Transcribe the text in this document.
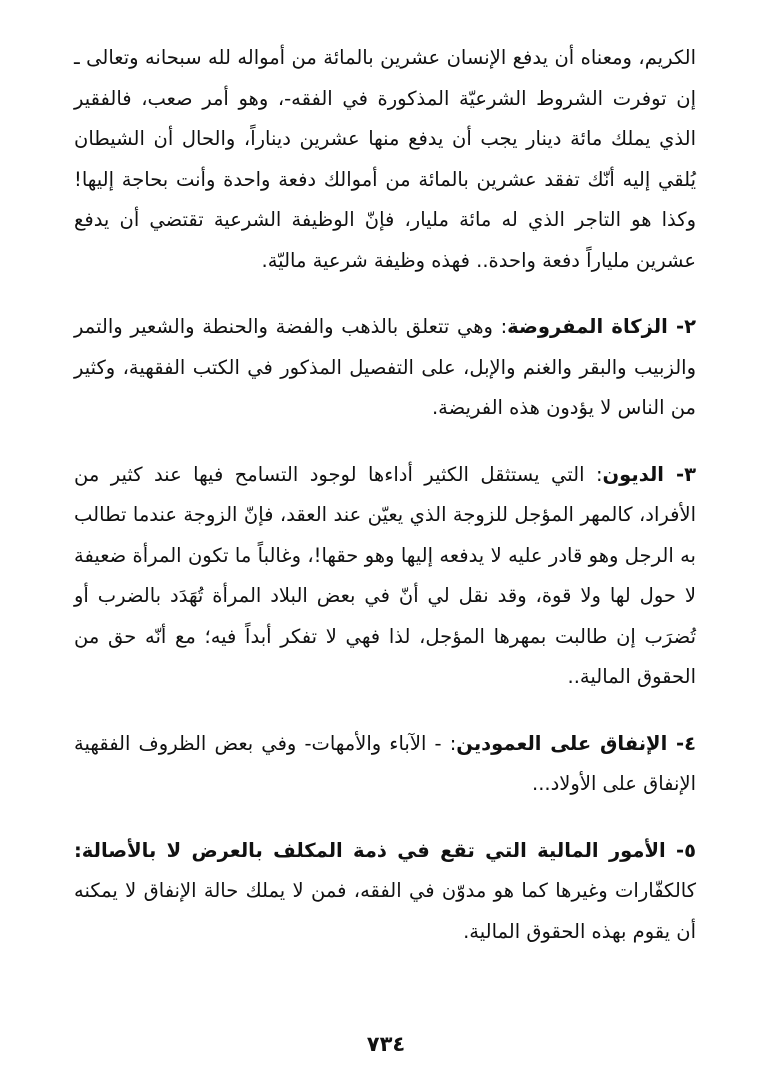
الكريم، ومعناه أن يدفع الإنسان عشرين بالمائة من أمواله لله سبحانه وتعالى ـ إن توفرت الشروط الشرعيّة المذكورة في الفقه-، وهو أمر صعب، فالفقير الذي يملك مائة دينار يجب أن يدفع منها عشرين ديناراً، والحال أن الشيطان يُلقي إليه أنّك تفقد عشرين بالمائة من أموالك دفعة واحدة وأنت بحاجة إليها! وكذا هو التاجر الذي له مائة مليار، فإنّ الوظيفة الشرعية تقتضي أن يدفع عشرين ملياراً دفعة واحدة.. فهذه وظيفة شرعية ماليّة.

٢- الزكاة المفروضة: وهي تتعلق بالذهب والفضة والحنطة والشعير والتمر والزبيب والبقر والغنم والإبل، على التفصيل المذكور في الكتب الفقهية، وكثير من الناس لا يؤدون هذه الفريضة.

٣- الديون: التي يستثقل الكثير أداءها لوجود التسامح فيها عند كثير من الأفراد، كالمهر المؤجل للزوجة الذي يعيّن عند العقد، فإنّ الزوجة عندما تطالب به الرجل وهو قادر عليه لا يدفعه إليها وهو حقها!، وغالباً ما تكون المرأة ضعيفة لا حول لها ولا قوة، وقد نقل لي أنّ في بعض البلاد المرأة تُهَدَد بالضرب أو تُضرَب إن طالبت بمهرها المؤجل، لذا فهي لا تفكر أبداً فيه؛ مع أنّه حق من الحقوق المالية..

٤- الإنفاق على العمودين: - الآباء والأمهات- وفي بعض الظروف الفقهية الإنفاق على الأولاد...

٥- الأمور المالية التي تقع في ذمة المكلف بالعرض لا بالأصالة: كالكفّارات وغيرها كما هو مدوّن في الفقه، فمن لا يملك حالة الإنفاق لا يمكنه أن يقوم بهذه الحقوق المالية.

٧٣٤
